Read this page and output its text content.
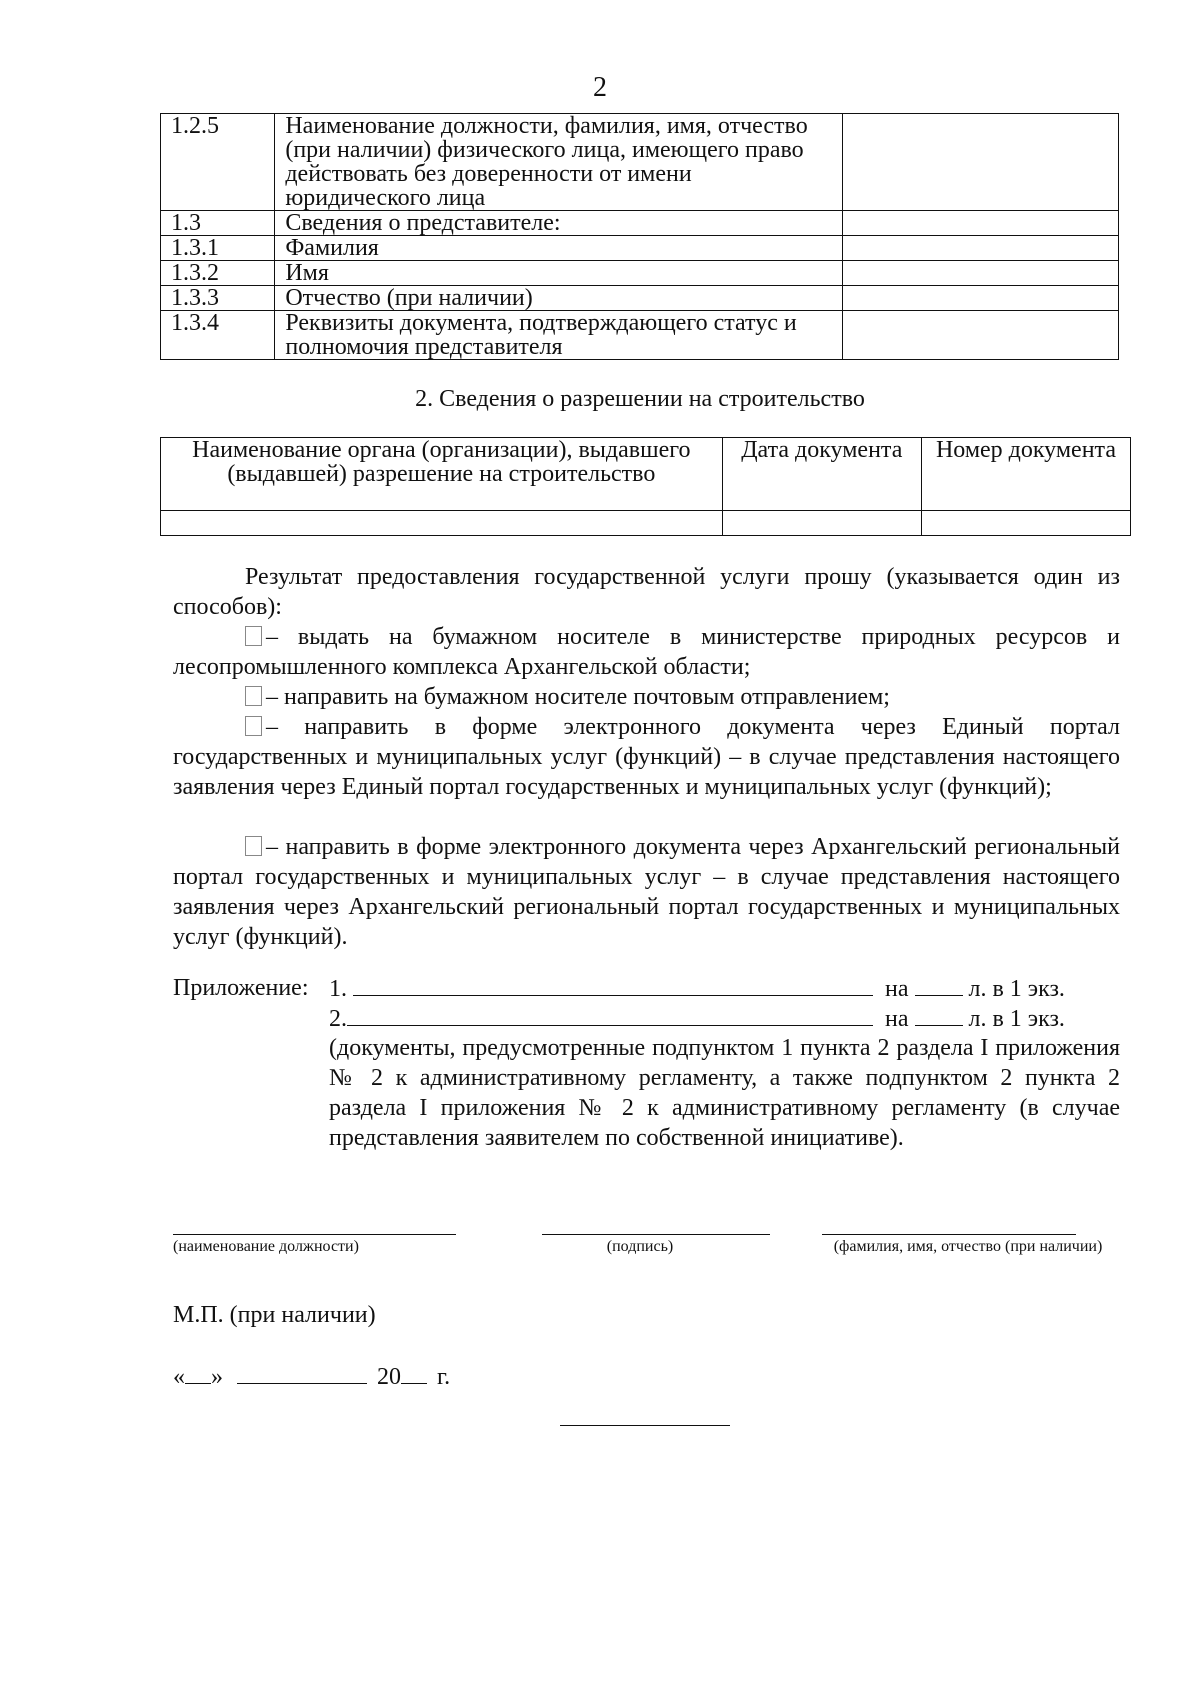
2
1.2.5	Наименование должности, фамилия, имя, отчество (при наличии) физического лица, имеющего право действовать без доверенности от имени юридического лица	
1.3	Сведения о представителе:	
1.3.1	Фамилия	
1.3.2	Имя	
1.3.3	Отчество (при наличии)	
1.3.4	Реквизиты документа, подтверждающего статус и полномочия представителя	
2. Сведения о разрешении на строительство
Наименование органа (организации), выдавшего (выдавшей) разрешение на строительство	Дата документа	Номер документа

Результат предоставления государственной услуги прошу (указывается один из способов):

– выдать на бумажном носителе в министерстве природных ресурсов и лесопромышленного комплекса Архангельской области;

– направить на бумажном носителе почтовым отправлением;

– направить в форме электронного документа через Единый портал государственных и муниципальных услуг (функций) – в случае представления настоящего заявления через Единый портал государственных и муниципальных услуг (функций);

– направить в форме электронного документа через Архангельский региональный портал государственных и муниципальных услуг – в случае представления настоящего заявления через Архангельский региональный портал государственных и муниципальных услуг (функций).

Приложение: 1.	на	л. в 1 экз.
2.	на	л. в 1 экз.

(документы, предусмотренные подпунктом 1 пункта 2 раздела I приложения № 2 к административному регламенту, а также подпунктом 2 пункта 2 раздела I приложения № 2 к административному регламенту (в случае представления заявителем по собственной инициативе).

(наименование должности)	(подпись)	(фамилия, имя, отчество (при наличии)
М.П. (при наличии)
« »	20 г.
